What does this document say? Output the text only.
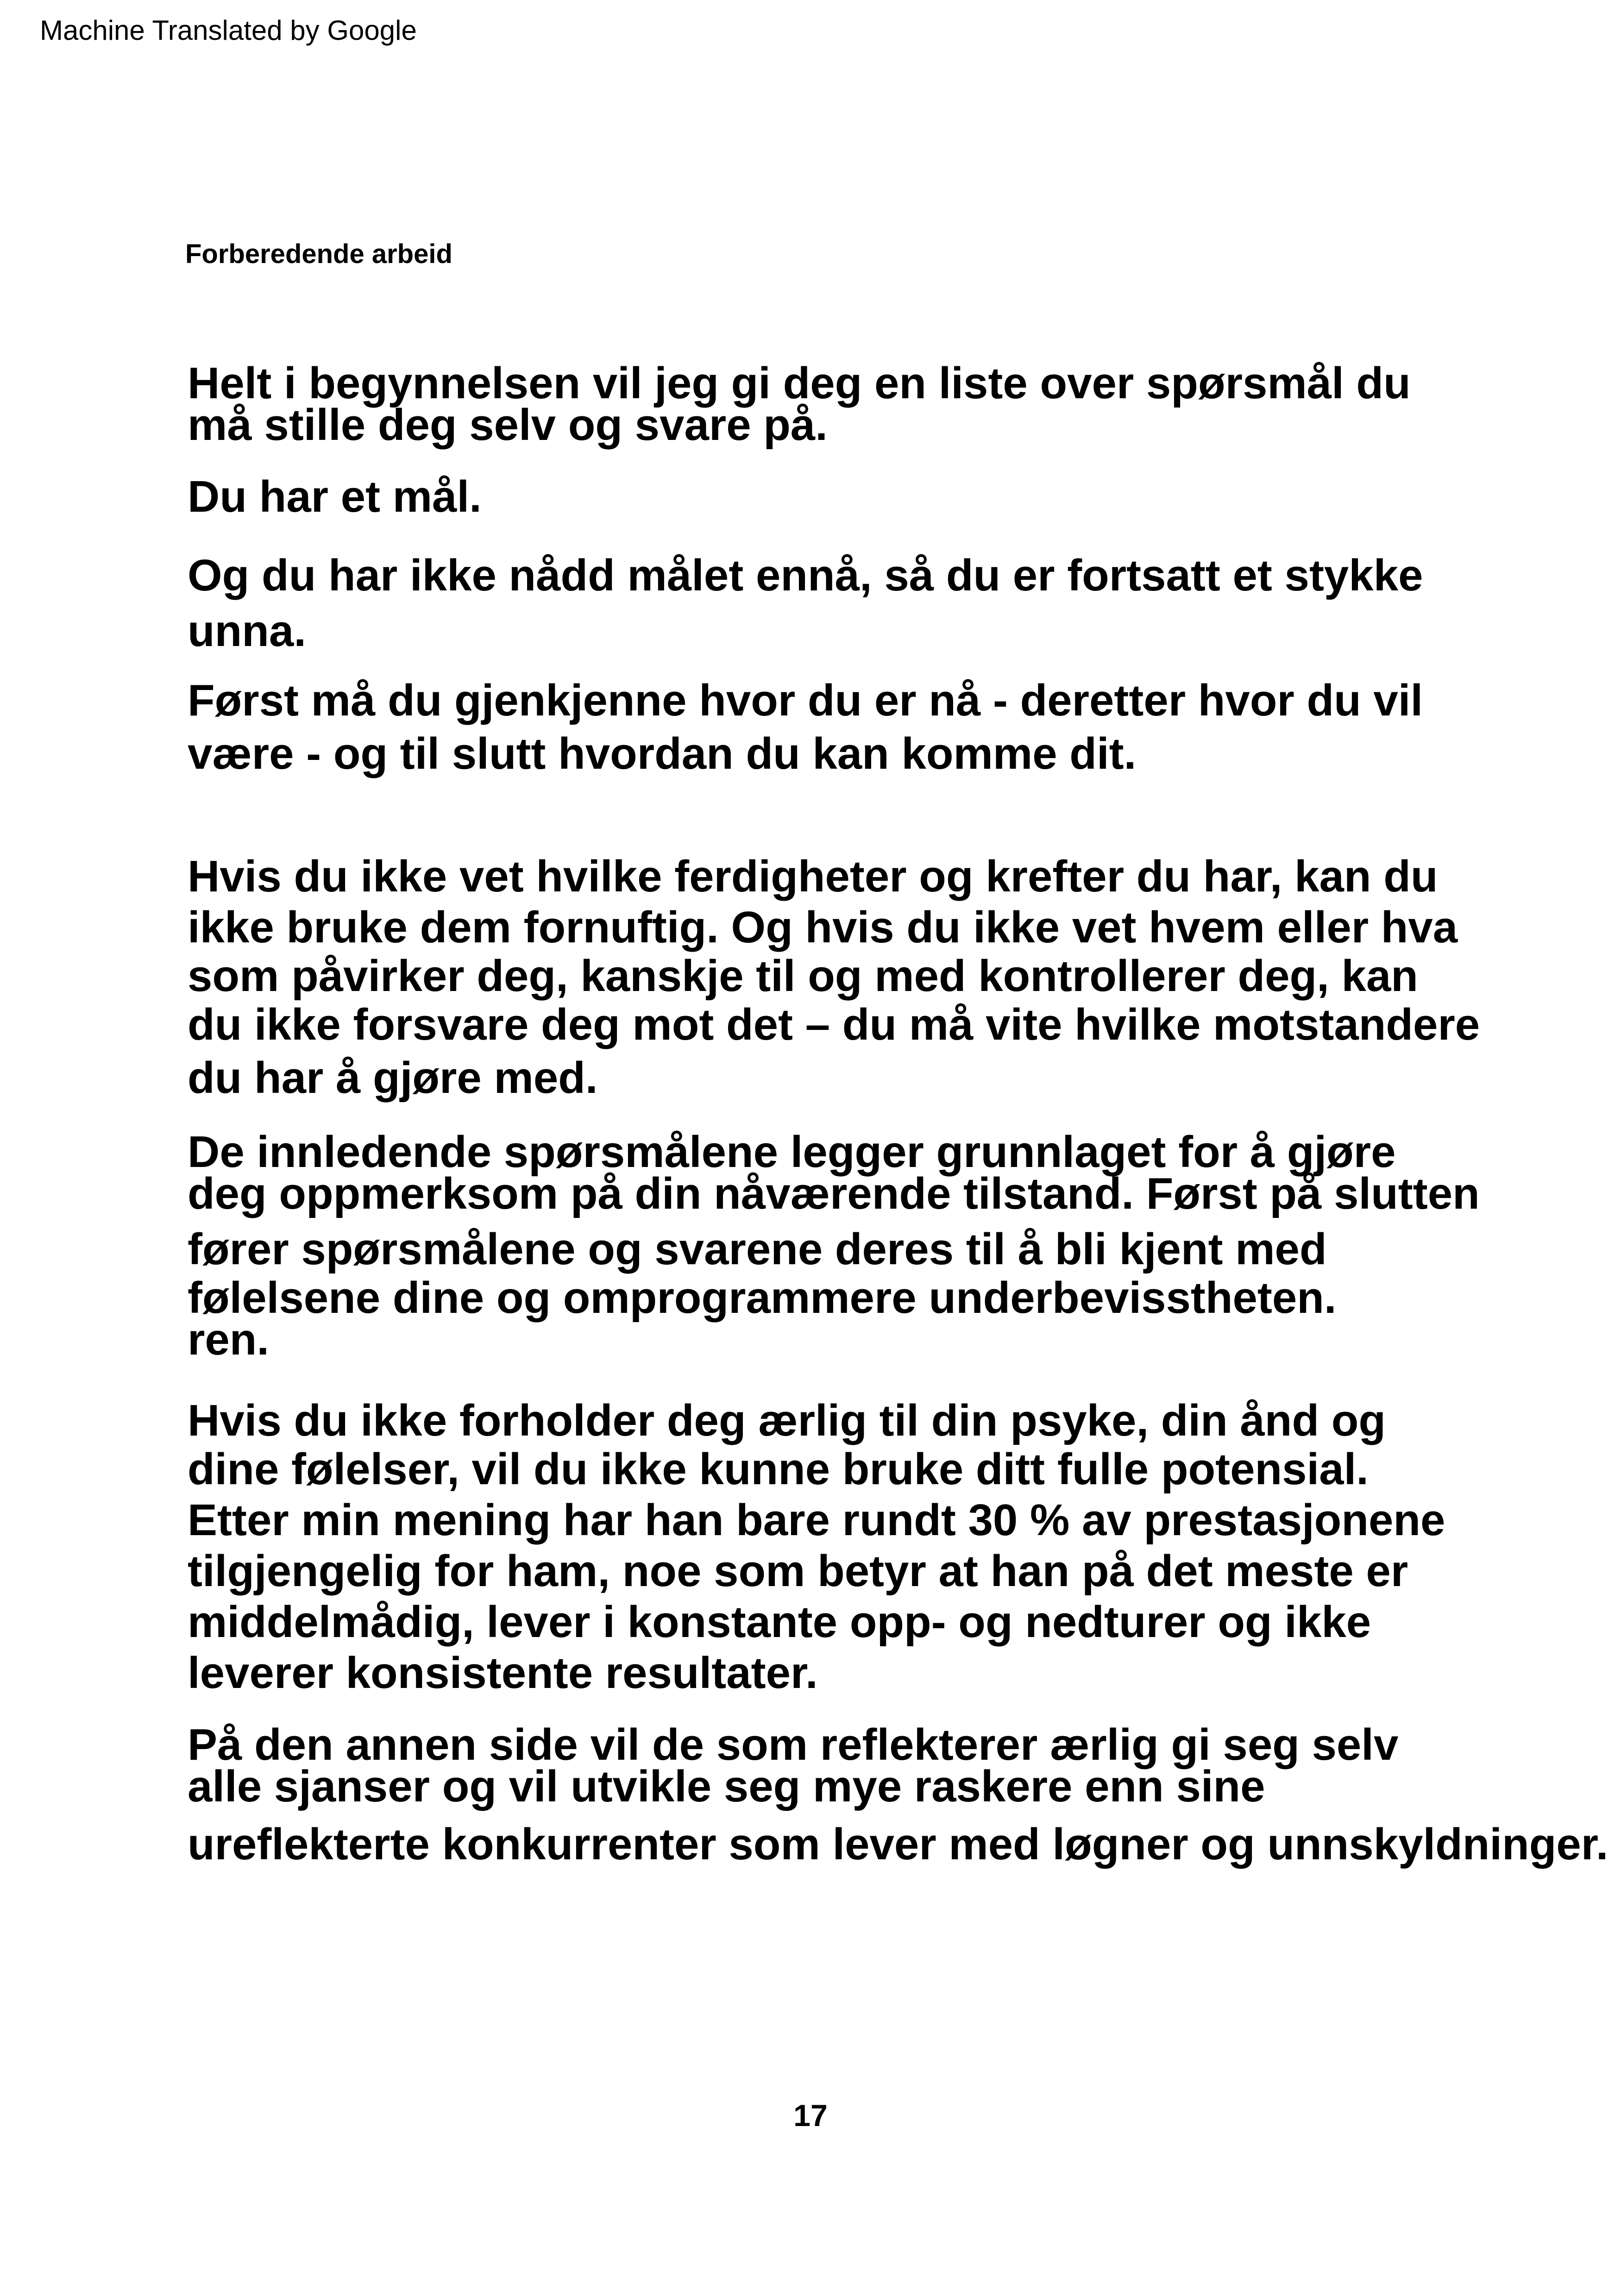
Machine Translated by Google
Forberedende arbeid
Helt i begynnelsen vil jeg gi deg en liste over spørsmål du
må stille deg selv og svare på.
Du har et mål.
Og du har ikke nådd målet ennå, så du er fortsatt et stykke
unna.
Først må du gjenkjenne hvor du er nå - deretter hvor du vil
være - og til slutt hvordan du kan komme dit.
Hvis du ikke vet hvilke ferdigheter og krefter du har, kan du
ikke bruke dem fornuftig. Og hvis du ikke vet hvem eller hva
som påvirker deg, kanskje til og med kontrollerer deg, kan
du ikke forsvare deg mot det – du må vite hvilke motstandere
du har å gjøre med.
De innledende spørsmålene legger grunnlaget for å gjøre
deg oppmerksom på din nåværende tilstand. Først på slutten
fører spørsmålene og svarene deres til å bli kjent med
følelsene dine og omprogrammere underbevisstheten.
ren.
Hvis du ikke forholder deg ærlig til din psyke, din ånd og
dine følelser, vil du ikke kunne bruke ditt fulle potensial.
Etter min mening har han bare rundt 30 % av prestasjonene
tilgjengelig for ham, noe som betyr at han på det meste er
middelmådig, lever i konstante opp- og nedturer og ikke
leverer konsistente resultater.
På den annen side vil de som reflekterer ærlig gi seg selv
alle sjanser og vil utvikle seg mye raskere enn sine
ureflekterte konkurrenter som lever med løgner og unnskyldninger.
17
